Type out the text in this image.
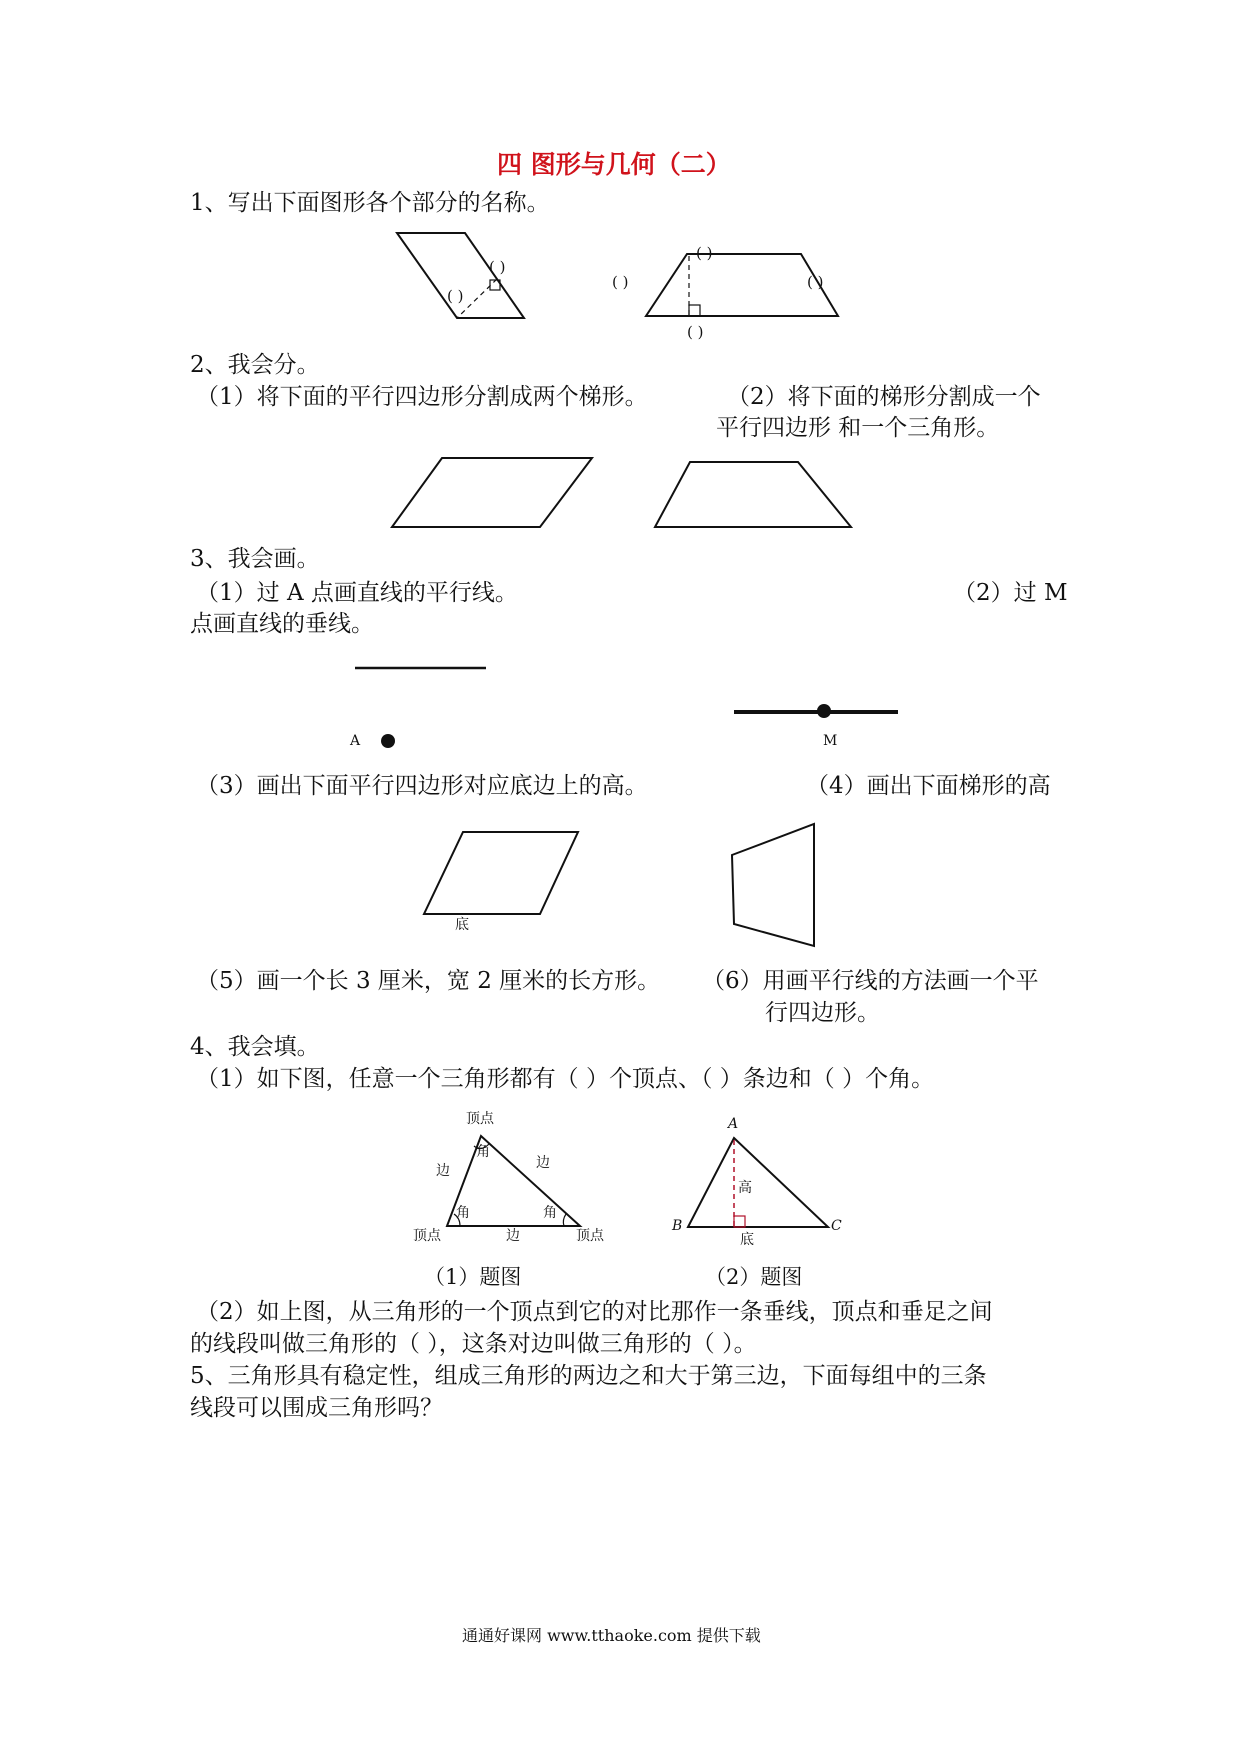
四 图形与几何（二）
1、写出下面图形各个部分的名称。
( )
( )
( )
( )	( )
( )
2、我会分。
（1）将下面的平行四边形分割成两个梯形。	（2）将下面的梯形分割成一个
平行四边形 和一个三角形。
3、我会画。
（1）过 A 点画直线的平行线。	（2）过 M
点画直线的垂线。
A	M
（3）画出下面平行四边形对应底边上的高。	（4）画出下面梯形的高
底
（5）画一个长 3 厘米，宽 2 厘米的长方形。 （6）用画平行线的方法画一个平
行四边形。
4、我会填。
（1）如下图，任意一个三角形都有（ ）个顶点、（ ）条边和（ ）个角。
顶点
角
边	边
角	角
顶点	边	顶点
A
B	C
高
底
（1）题图	（2）题图
（2）如上图，从三角形的一个顶点到它的对比那作一条垂线，顶点和垂足之间
的线段叫做三角形的（ ），这条对边叫做三角形的（ ）。
5、三角形具有稳定性，组成三角形的两边之和大于第三边，下面每组中的三条
线段可以围成三角形吗？
通通好课网 www.tthaoke.com 提供下载
